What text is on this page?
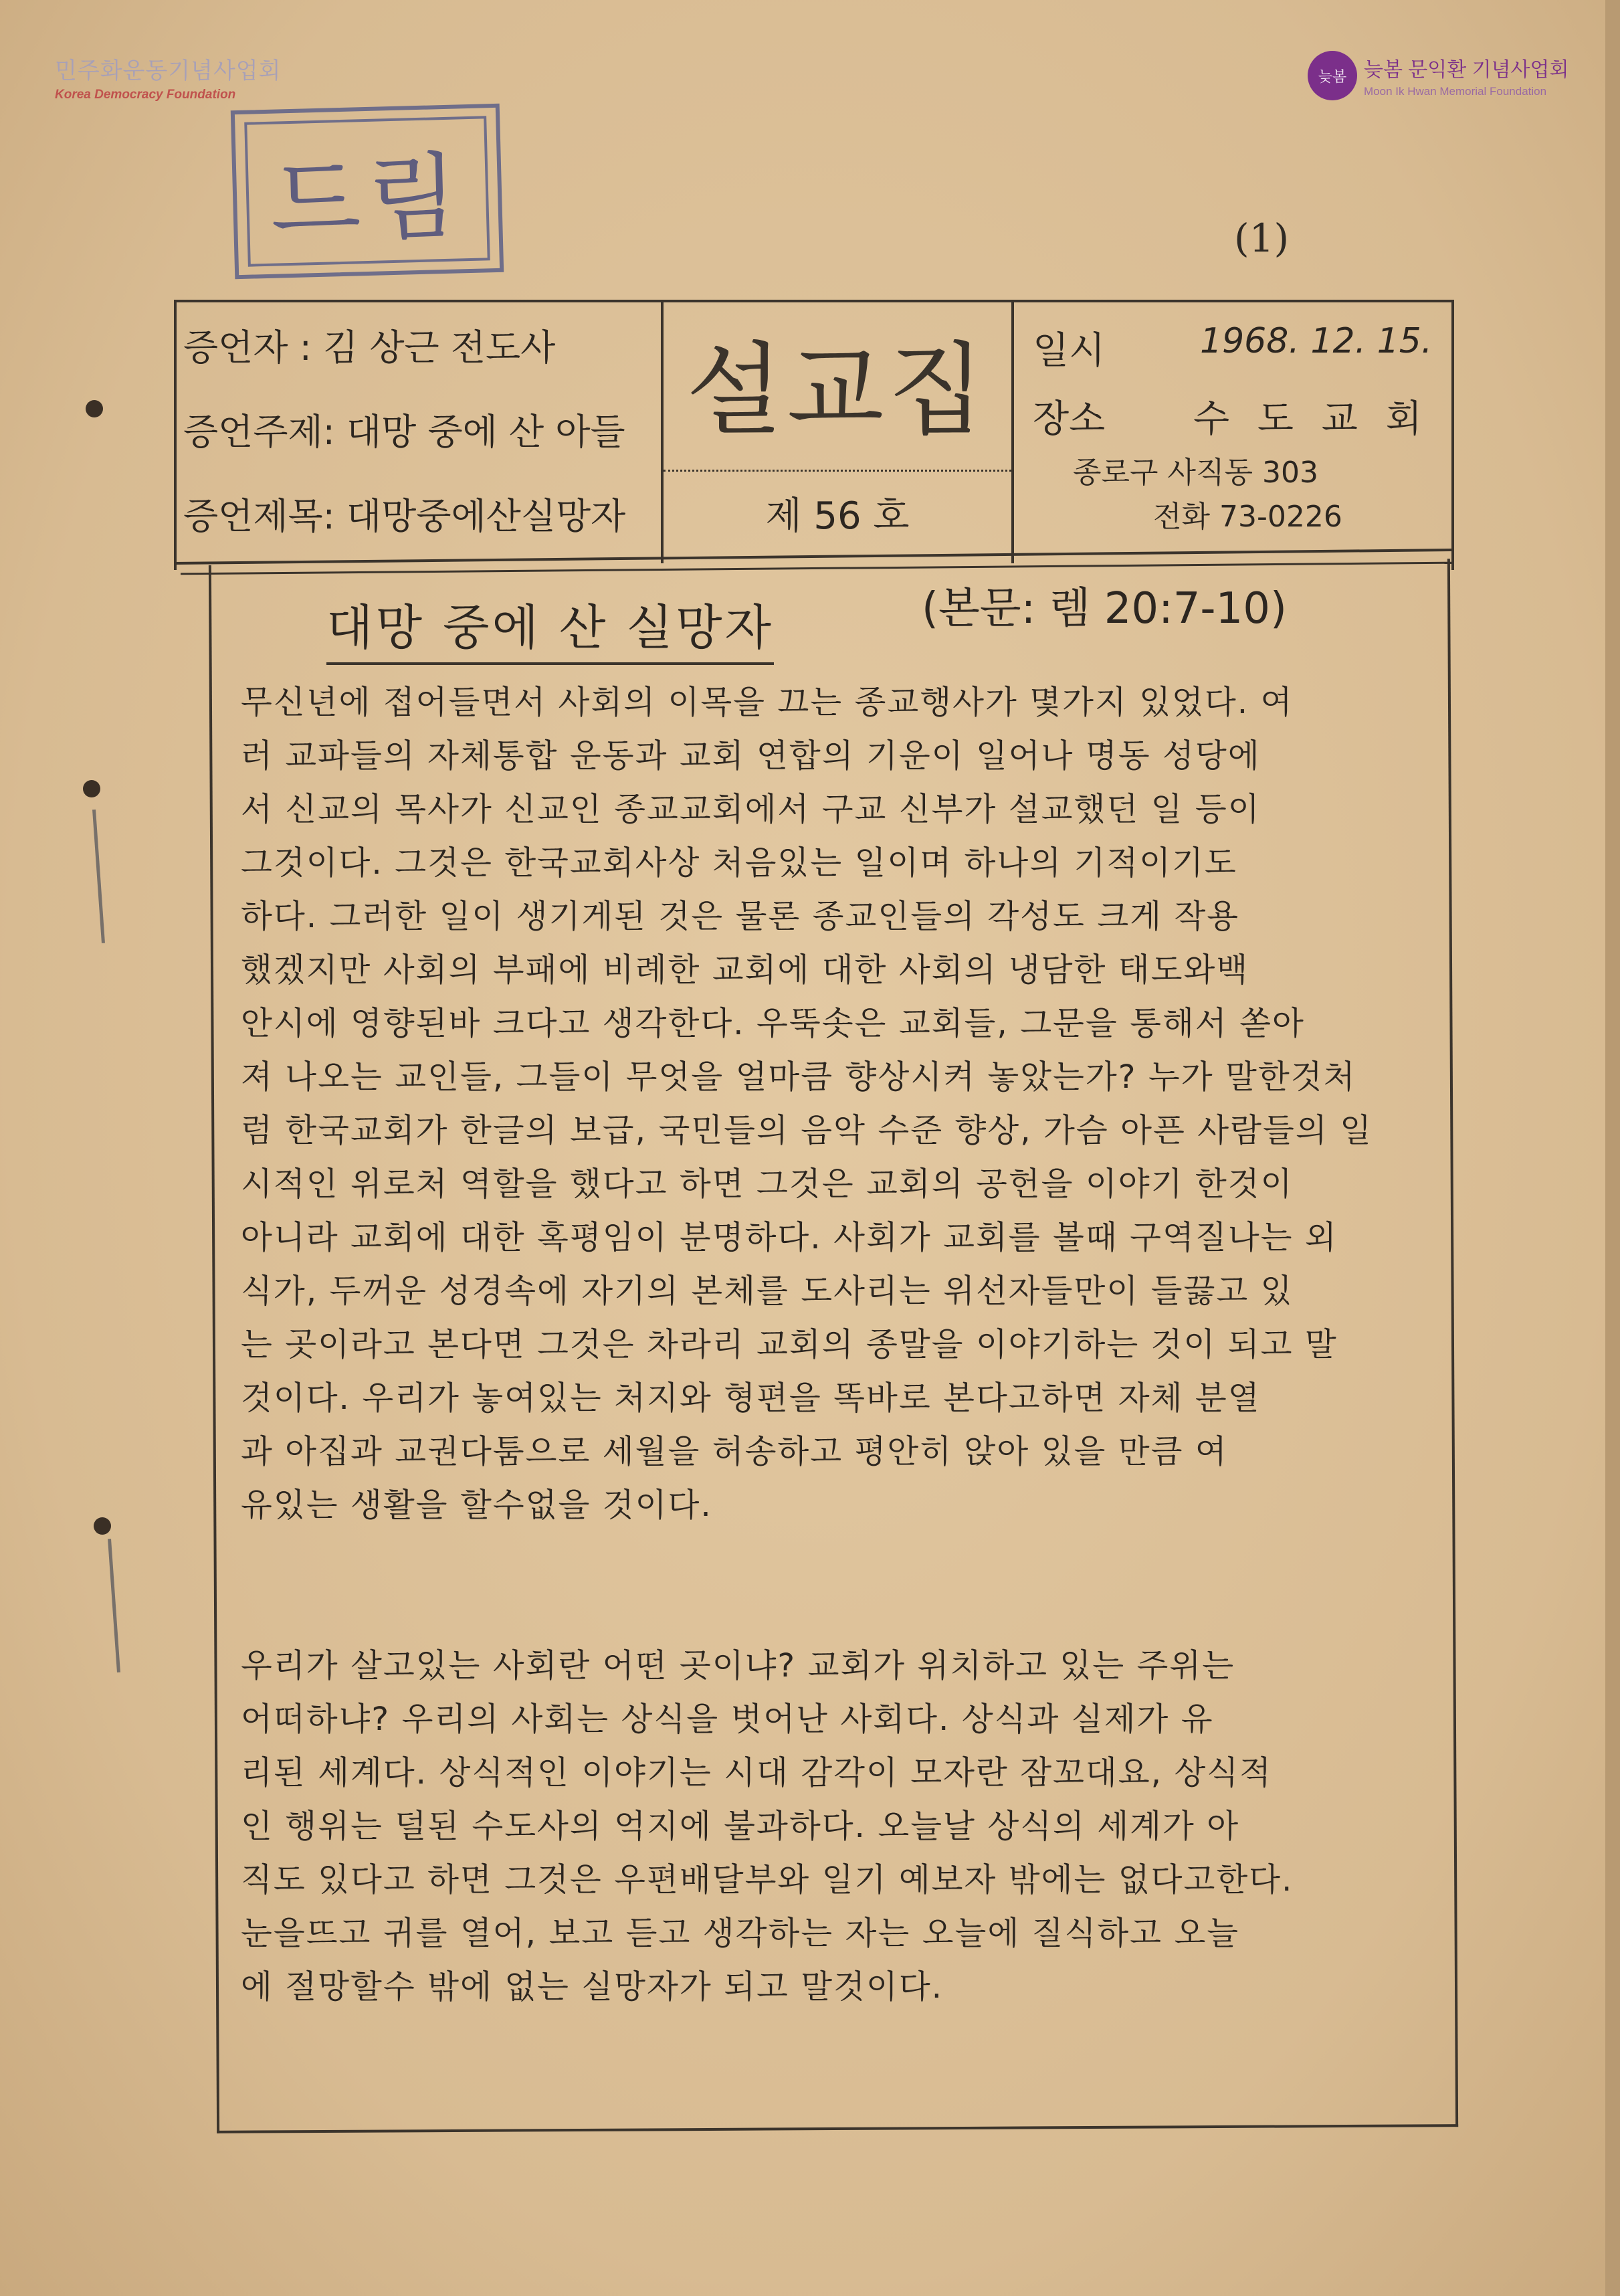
민주화운동기념사업회
Korea Democracy Foundation
늦봄 늦봄 문익환 기념사업회
Moon Ik Hwan Memorial Foundation
드림	(1)
증언자 : 김 상근 전도사
증언주제: 대망 중에 산 아들
증언제목: 대망중에산실망자
설교집
제 56 호
일시	1968. 12. 15.
장소 수 도 교 회
종로구 사직동 303
전화 73-0226
대망 중에 산 실망자	(본문: 렘 20:7-10)
무신년에 접어들면서 사회의 이목을 끄는 종교행사가 몇가지 있었다. 여
러 교파들의 자체통합 운동과 교회 연합의 기운이 일어나 명동 성당에
서 신교의 목사가 신교인 종교교회에서 구교 신부가 설교했던 일 등이
그것이다. 그것은 한국교회사상 처음있는 일이며 하나의 기적이기도
하다. 그러한 일이 생기게된 것은 물론 종교인들의 각성도 크게 작용
했겠지만 사회의 부패에 비례한 교회에 대한 사회의 냉담한 태도와백
안시에 영향된바 크다고 생각한다. 우뚝솟은 교회들, 그문을 통해서 쏟아
져 나오는 교인들, 그들이 무엇을 얼마큼 향상시켜 놓았는가? 누가 말한것처
럼 한국교회가 한글의 보급, 국민들의 음악 수준 향상, 가슴 아픈 사람들의 일
시적인 위로처 역할을 했다고 하면 그것은 교회의 공헌을 이야기 한것이
아니라 교회에 대한 혹평임이 분명하다. 사회가 교회를 볼때 구역질나는 외
식가, 두꺼운 성경속에 자기의 본체를 도사리는 위선자들만이 들끓고 있
는 곳이라고 본다면 그것은 차라리 교회의 종말을 이야기하는 것이 되고 말
것이다. 우리가 놓여있는 처지와 형편을 똑바로 본다고하면 자체 분열
과 아집과 교권다툼으로 세월을 허송하고 평안히 앉아 있을 만큼 여
유있는 생활을 할수없을 것이다.
우리가 살고있는 사회란 어떤 곳이냐? 교회가 위치하고 있는 주위는
어떠하냐? 우리의 사회는 상식을 벗어난 사회다. 상식과 실제가 유
리된 세계다. 상식적인 이야기는 시대 감각이 모자란 잠꼬대요, 상식적
인 행위는 덜된 수도사의 억지에 불과하다. 오늘날 상식의 세계가 아
직도 있다고 하면 그것은 우편배달부와 일기 예보자 밖에는 없다고한다.
눈을뜨고 귀를 열어, 보고 듣고 생각하는 자는 오늘에 질식하고 오늘
에 절망할수 밖에 없는 실망자가 되고 말것이다.
